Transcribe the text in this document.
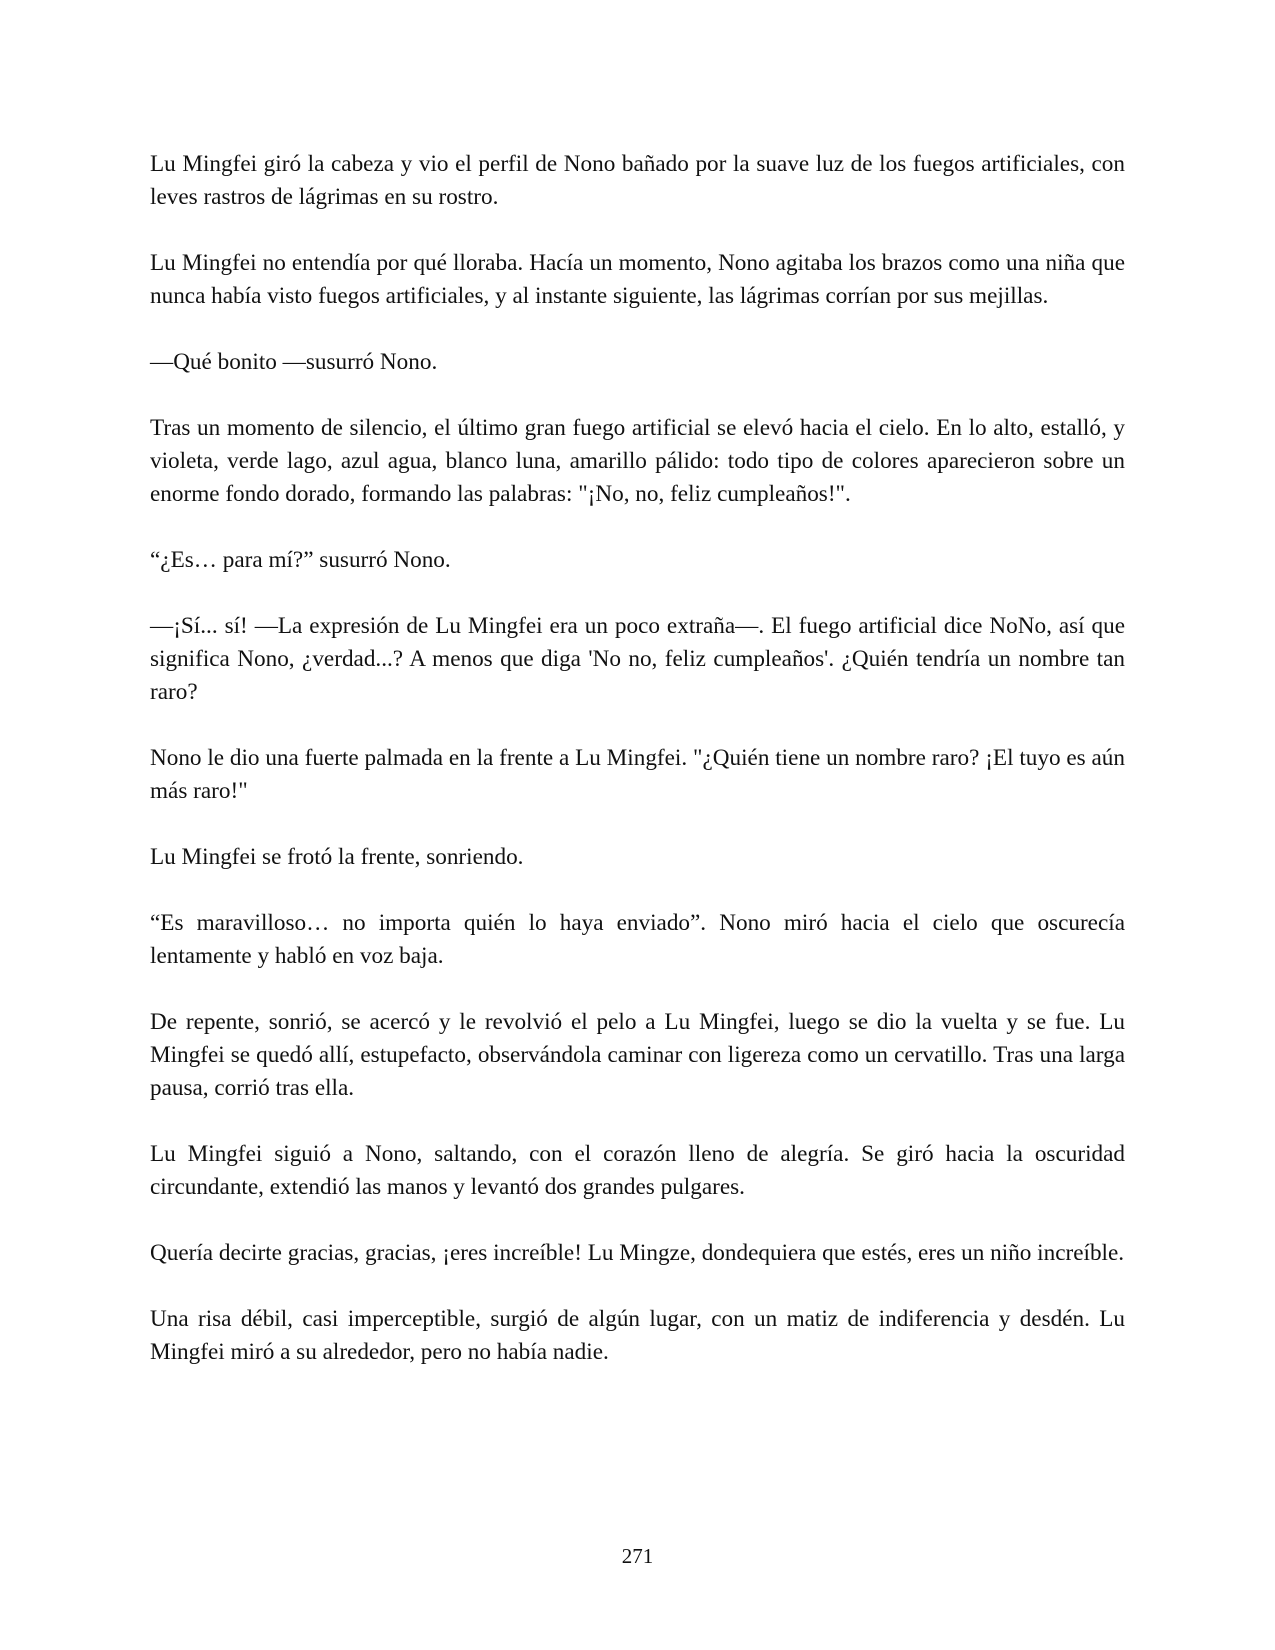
Lu Mingfei giró la cabeza y vio el perfil de Nono bañado por la suave luz de los fuegos artificiales, con leves rastros de lágrimas en su rostro.

Lu Mingfei no entendía por qué lloraba. Hacía un momento, Nono agitaba los brazos como una niña que nunca había visto fuegos artificiales, y al instante siguiente, las lágrimas corrían por sus mejillas.

—Qué bonito —susurró Nono.

Tras un momento de silencio, el último gran fuego artificial se elevó hacia el cielo. En lo alto, estalló, y violeta, verde lago, azul agua, blanco luna, amarillo pálido: todo tipo de colores aparecieron sobre un enorme fondo dorado, formando las palabras: "¡No, no, feliz cumpleaños!".

“¿Es… para mí?” susurró Nono.

—¡Sí... sí! —La expresión de Lu Mingfei era un poco extraña—. El fuego artificial dice NoNo, así que significa Nono, ¿verdad...? A menos que diga 'No no, feliz cumpleaños'. ¿Quién tendría un nombre tan raro?

Nono le dio una fuerte palmada en la frente a Lu Mingfei. "¿Quién tiene un nombre raro? ¡El tuyo es aún más raro!"

Lu Mingfei se frotó la frente, sonriendo.

“Es maravilloso… no importa quién lo haya enviado”. Nono miró hacia el cielo que oscurecía lentamente y habló en voz baja.

De repente, sonrió, se acercó y le revolvió el pelo a Lu Mingfei, luego se dio la vuelta y se fue. Lu Mingfei se quedó allí, estupefacto, observándola caminar con ligereza como un cervatillo. Tras una larga pausa, corrió tras ella.

Lu Mingfei siguió a Nono, saltando, con el corazón lleno de alegría. Se giró hacia la oscuridad circundante, extendió las manos y levantó dos grandes pulgares.

Quería decirte gracias, gracias, ¡eres increíble! Lu Mingze, dondequiera que estés, eres un niño increíble.

Una risa débil, casi imperceptible, surgió de algún lugar, con un matiz de indiferencia y desdén. Lu Mingfei miró a su alrededor, pero no había nadie.

271
